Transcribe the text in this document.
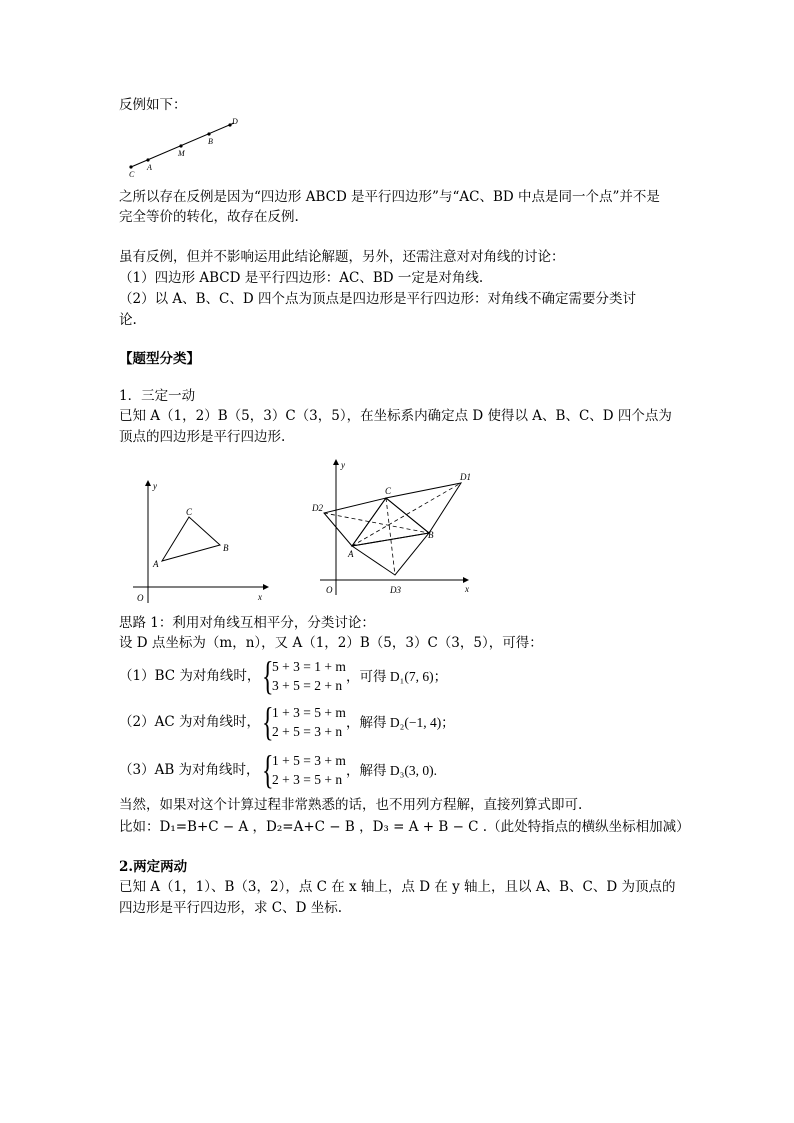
反例如下：
C
A
M
B
D
之所以存在反例是因为“四边形 ABCD 是平行四边形”与“AC、BD 中点是同一个点”并不是
完全等价的转化，故存在反例.
虽有反例，但并不影响运用此结论解题，另外，还需注意对对角线的讨论：
（1）四边形 ABCD 是平行四边形：AC、BD 一定是对角线.
（2）以 A、B、C、D 四个点为顶点是四边形是平行四边形：对角线不确定需要分类讨
论.
【题型分类】
1．三定一动
已知 A（1，2）B（5，3）C（3，5），在坐标系内确定点 D 使得以 A、B、C、D 四个点为
顶点的四边形是平行四边形.
y
x
O
A
B
C
y
x
O
A
B
C
D1
D2
D3
思路 1：利用对角线互相平分，分类讨论：
设 D 点坐标为（m，n），又 A（1，2）B（5，3）C（3，5），可得：
（1）BC 为对角线时， {
5 + 3 = 1 + m
3 + 5 = 2 + n
，可得 D₁(7, 6)；
（2）AC 为对角线时， {
1 + 3 = 5 + m
2 + 5 = 3 + n
，解得 D₂(−1, 4)；
（3）AB 为对角线时， {
1 + 5 = 3 + m
2 + 3 = 5 + n
，解得 D₃(3, 0).
当然，如果对这个计算过程非常熟悉的话，也不用列方程解，直接列算式即可.
比如：D₁=B+C − A ，D₂=A+C − B ，D₃ = A + B − C .（此处特指点的横纵坐标相加减）
2.两定两动
已知 A（1，1）、B（3，2），点 C 在 x 轴上，点 D 在 y 轴上，且以 A、B、C、D 为顶点的
四边形是平行四边形，求 C、D 坐标.
